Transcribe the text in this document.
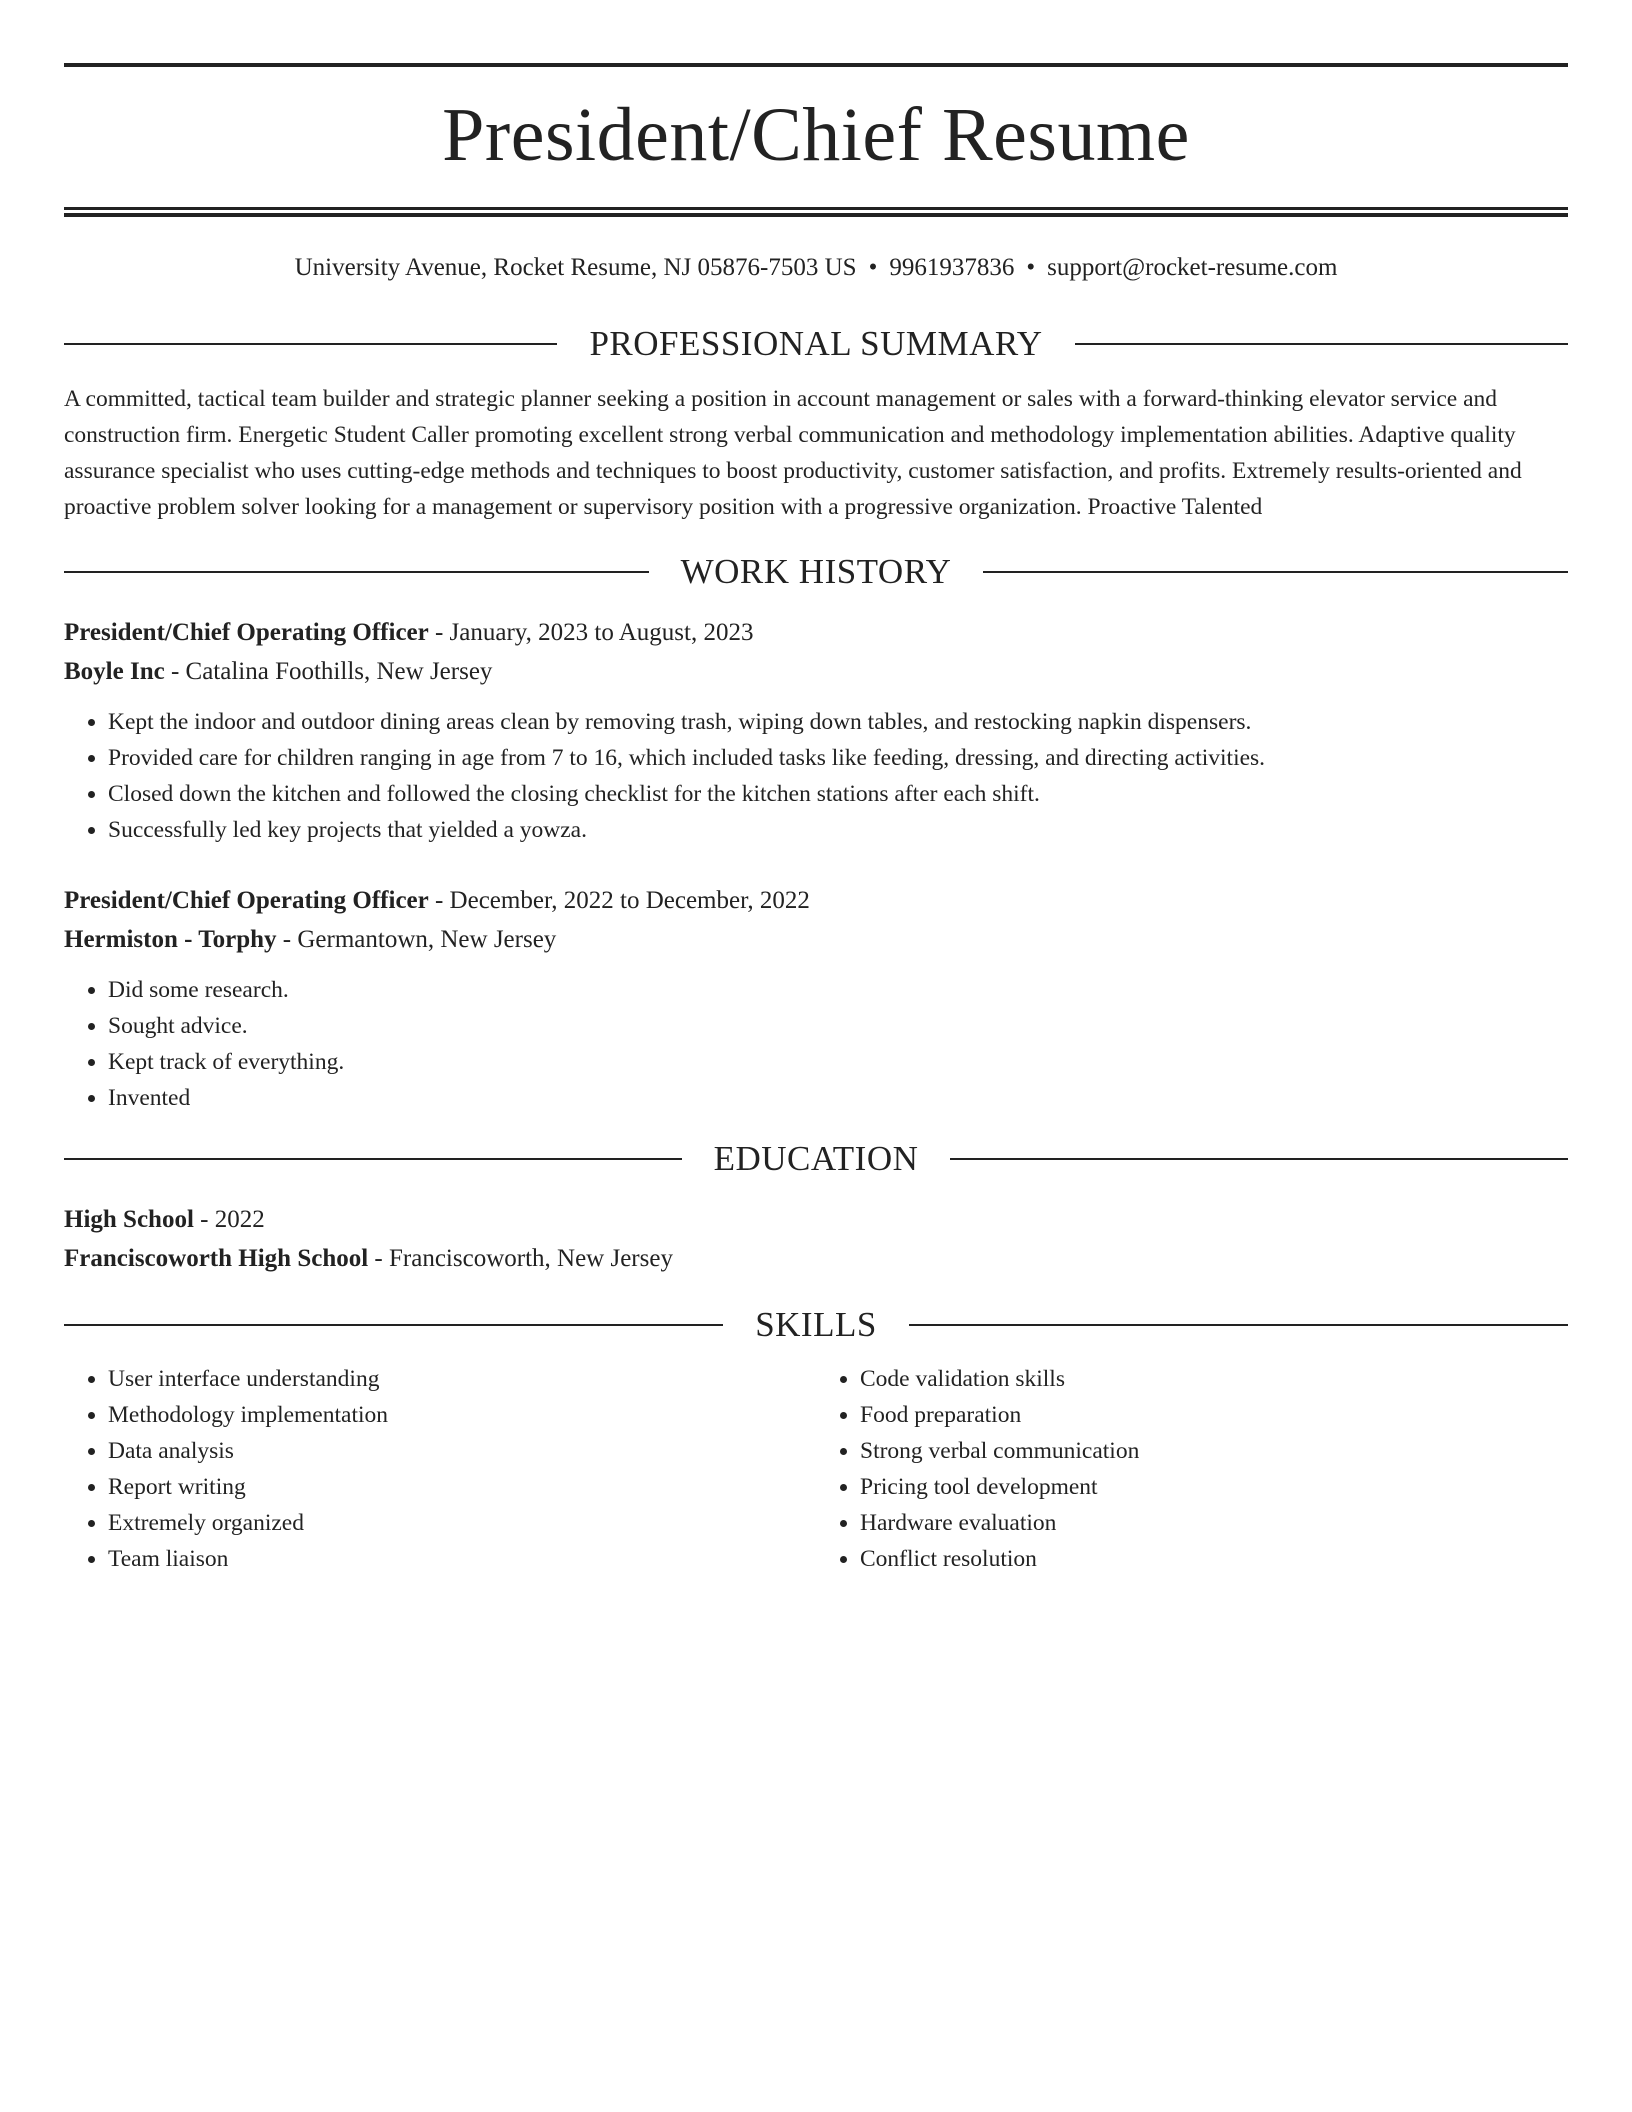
President/Chief Resume
University Avenue, Rocket Resume, NJ 05876-7503 US • 9961937836 • support@rocket-resume.com
PROFESSIONAL SUMMARY
A committed, tactical team builder and strategic planner seeking a position in account management or sales with a forward-thinking elevator service and construction firm. Energetic Student Caller promoting excellent strong verbal communication and methodology implementation abilities. Adaptive quality assurance specialist who uses cutting-edge methods and techniques to boost productivity, customer satisfaction, and profits. Extremely results-oriented and proactive problem solver looking for a management or supervisory position with a progressive organization. Proactive Talented
WORK HISTORY
President/Chief Operating Officer - January, 2023 to August, 2023
Boyle Inc - Catalina Foothills, New Jersey
• Kept the indoor and outdoor dining areas clean by removing trash, wiping down tables, and restocking napkin dispensers.
• Provided care for children ranging in age from 7 to 16, which included tasks like feeding, dressing, and directing activities.
• Closed down the kitchen and followed the closing checklist for the kitchen stations after each shift.
• Successfully led key projects that yielded a yowza.
President/Chief Operating Officer - December, 2022 to December, 2022
Hermiston - Torphy - Germantown, New Jersey
• Did some research.
• Sought advice.
• Kept track of everything.
• Invented
EDUCATION
High School - 2022
Franciscoworth High School - Franciscoworth, New Jersey
SKILLS
• User interface understanding
• Methodology implementation
• Data analysis
• Report writing
• Extremely organized
• Team liaison
• Code validation skills
• Food preparation
• Strong verbal communication
• Pricing tool development
• Hardware evaluation
• Conflict resolution
